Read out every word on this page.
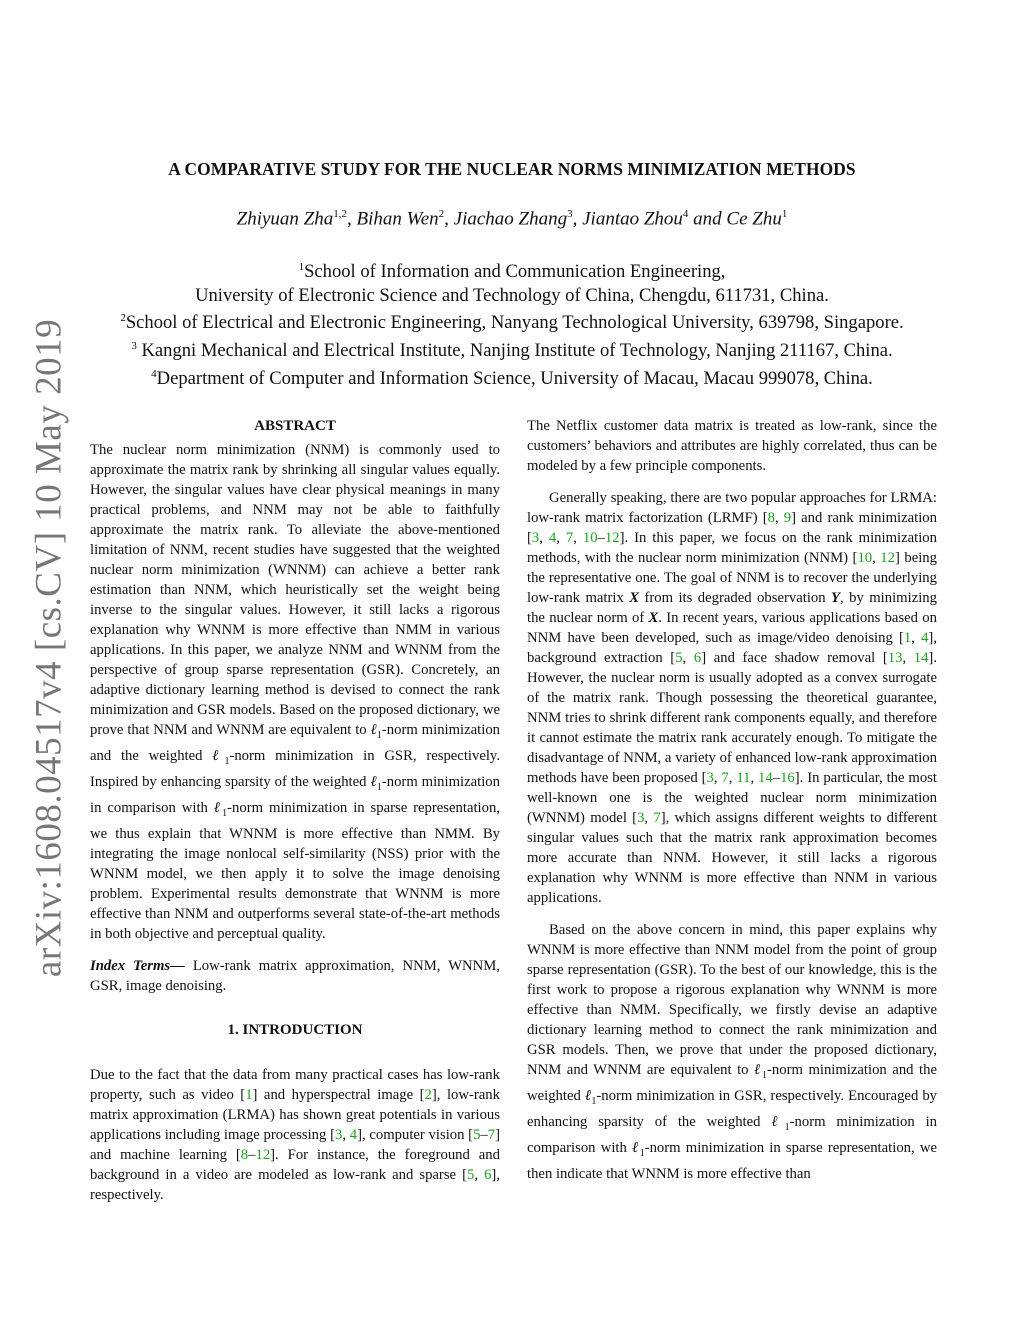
arXiv:1608.04517v4 [cs.CV] 10 May 2019
A COMPARATIVE STUDY FOR THE NUCLEAR NORMS MINIMIZATION METHODS
Zhiyuan Zha$^{1,2}$, Bihan Wen$^2$, Jiachao Zhang$^3$, Jiantao Zhou$^4$ and Ce Zhu$^1$
$^1$School of Information and Communication Engineering,
University of Electronic Science and Technology of China, Chengdu, 611731, China.
$^2$School of Electrical and Electronic Engineering, Nanyang Technological University, 639798, Singapore.
$^3$ Kangni Mechanical and Electrical Institute, Nanjing Institute of Technology, Nanjing 211167, China.
$^4$Department of Computer and Information Science, University of Macau, Macau 999078, China.
ABSTRACT

The nuclear norm minimization (NNM) is commonly used to approximate the matrix rank by shrinking all singular values equally. However, the singular values have clear physical meanings in many practical problems, and NNM may not be able to faithfully approximate the matrix rank. To alleviate the above-mentioned limitation of NNM, recent studies have suggested that the weighted nuclear norm minimization (WNNM) can achieve a better rank estimation than NNM, which heuristically set the weight being inverse to the singular values. However, it still lacks a rigorous explanation why WNNM is more effective than NMM in various applications. In this paper, we analyze NNM and WNNM from the perspective of group sparse representation (GSR). Concretely, an adaptive dictionary learning method is devised to connect the rank minimization and GSR models. Based on the proposed dictionary, we prove that NNM and WNNM are equivalent to ℓ$_1$-norm minimization and the weighted ℓ$_1$-norm minimization in GSR, respectively. Inspired by enhancing sparsity of the weighted ℓ$_1$-norm minimization in comparison with ℓ$_1$-norm minimization in sparse representation, we thus explain that WNNM is more effective than NMM. By integrating the image nonlocal self-similarity (NSS) prior with the WNNM model, we then apply it to solve the image denoising problem. Experimental results demonstrate that WNNM is more effective than NNM and outperforms several state-of-the-art methods in both objective and perceptual quality.

Index Terms— Low-rank matrix approximation, NNM, WNNM, GSR, image denoising.

1. INTRODUCTION

Due to the fact that the data from many practical cases has low-rank property, such as video [1] and hyperspectral image [2], low-rank matrix approximation (LRMA) has shown great potentials in various applications including image processing [3, 4], computer vision [5–7] and machine learning [8–12]. For instance, the foreground and background in a video are modeled as low-rank and sparse [5, 6], respectively.

The Netflix customer data matrix is treated as low-rank, since the customers’ behaviors and attributes are highly correlated, thus can be modeled by a few principle components.

Generally speaking, there are two popular approaches for LRMA: low-rank matrix factorization (LRMF) [8, 9] and rank minimization [3, 4, 7, 10–12]. In this paper, we focus on the rank minimization methods, with the nuclear norm minimization (NNM) [10, 12] being the representative one. The goal of NNM is to recover the underlying low-rank matrix X from its degraded observation Y, by minimizing the nuclear norm of X. In recent years, various applications based on NNM have been developed, such as image/video denoising [1, 4], background extraction [5, 6] and face shadow removal [13, 14]. However, the nuclear norm is usually adopted as a convex surrogate of the matrix rank. Though possessing the theoretical guarantee, NNM tries to shrink different rank components equally, and therefore it cannot estimate the matrix rank accurately enough. To mitigate the disadvantage of NNM, a variety of enhanced low-rank approximation methods have been proposed [3, 7, 11, 14–16]. In particular, the most well-known one is the weighted nuclear norm minimization (WNNM) model [3, 7], which assigns different weights to different singular values such that the matrix rank approximation becomes more accurate than NNM. However, it still lacks a rigorous explanation why WNNM is more effective than NNM in various applications.

Based on the above concern in mind, this paper explains why WNNM is more effective than NNM model from the point of group sparse representation (GSR). To the best of our knowledge, this is the first work to propose a rigorous explanation why WNNM is more effective than NMM. Specifically, we firstly devise an adaptive dictionary learning method to connect the rank minimization and GSR models. Then, we prove that under the proposed dictionary, NNM and WNNM are equivalent to ℓ$_1$-norm minimization and the weighted ℓ$_1$-norm minimization in GSR, respectively. Encouraged by enhancing sparsity of the weighted ℓ$_1$-norm minimization in comparison with ℓ$_1$-norm minimization in sparse representation, we then indicate that WNNM is more effective than
